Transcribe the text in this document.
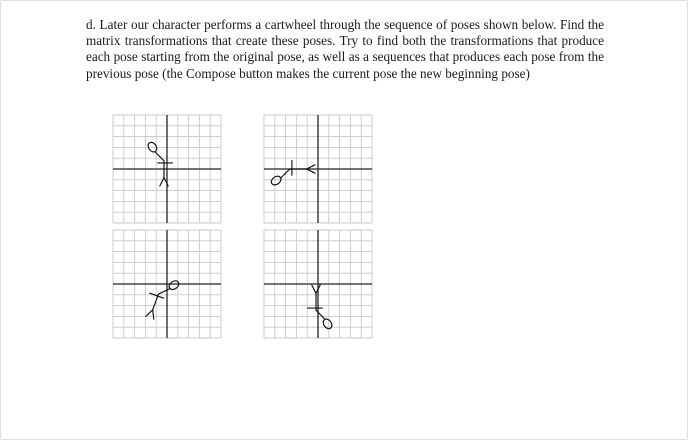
d. Later our character performs a cartwheel through the sequence of poses shown below. Find the matrix transformations that create these poses. Try to find both the transformations that produce each pose starting from the original pose, as well as a sequences that produces each pose from the previous pose (the Compose button makes the current pose the new beginning pose)
